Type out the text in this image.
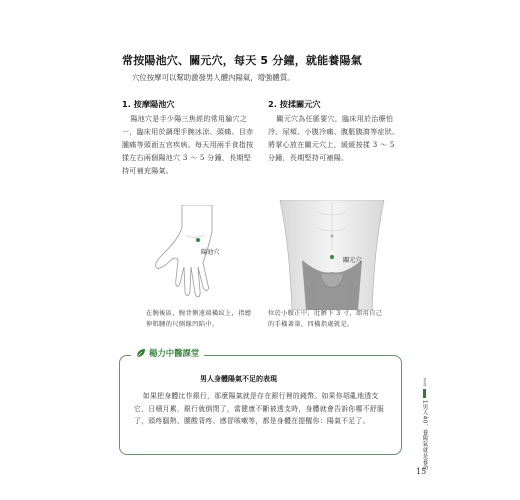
常按陽池穴、關元穴，每天 5 分鐘，就能養陽氣
穴位按摩可以幫助激發男人體內陽氣，增強體質。
1. 按摩陽池穴
陽池穴是手少陽三焦經的常用腧穴之一，臨床用於調理手腕冰涼、頭痛、目赤腫痛等頭面五官疾病。每天用兩手食指按揉左右兩個陽池穴 3 ～ 5 分鐘，長期堅持可補充陽氣。
2. 按揉關元穴
關元穴為任脈要穴，臨床用於治療怕冷、尿頻、小腹冷痛、腹脹腹瀉等症狀。將掌心放在關元穴上，緩緩按揉 3 ～ 5 分鐘，長期堅持可補陽。
陽池穴
在腕後區，腕背側遠端橫紋上，指總伸肌腱的尺側緣凹陷中。
關元穴
位於小腹正中，肚臍下 3 寸，即用自己的手橫著量，四橫指處就是。
楊力中醫課堂
男人身體陽氣不足的表現
如果把身體比作銀行，那麼陽氣就是存在銀行裡的錢幣。如果你胡亂地透支它，日積月累，銀行就倒閉了，當健康不斷被透支時，身體就會告訴你哪不舒服了，頭疼腦熱、腰酸背疼、感冒咳嗽等，都是身體在提醒你：陽氣不足了。
PART
1
男人40，養陽氣就是養命
15
